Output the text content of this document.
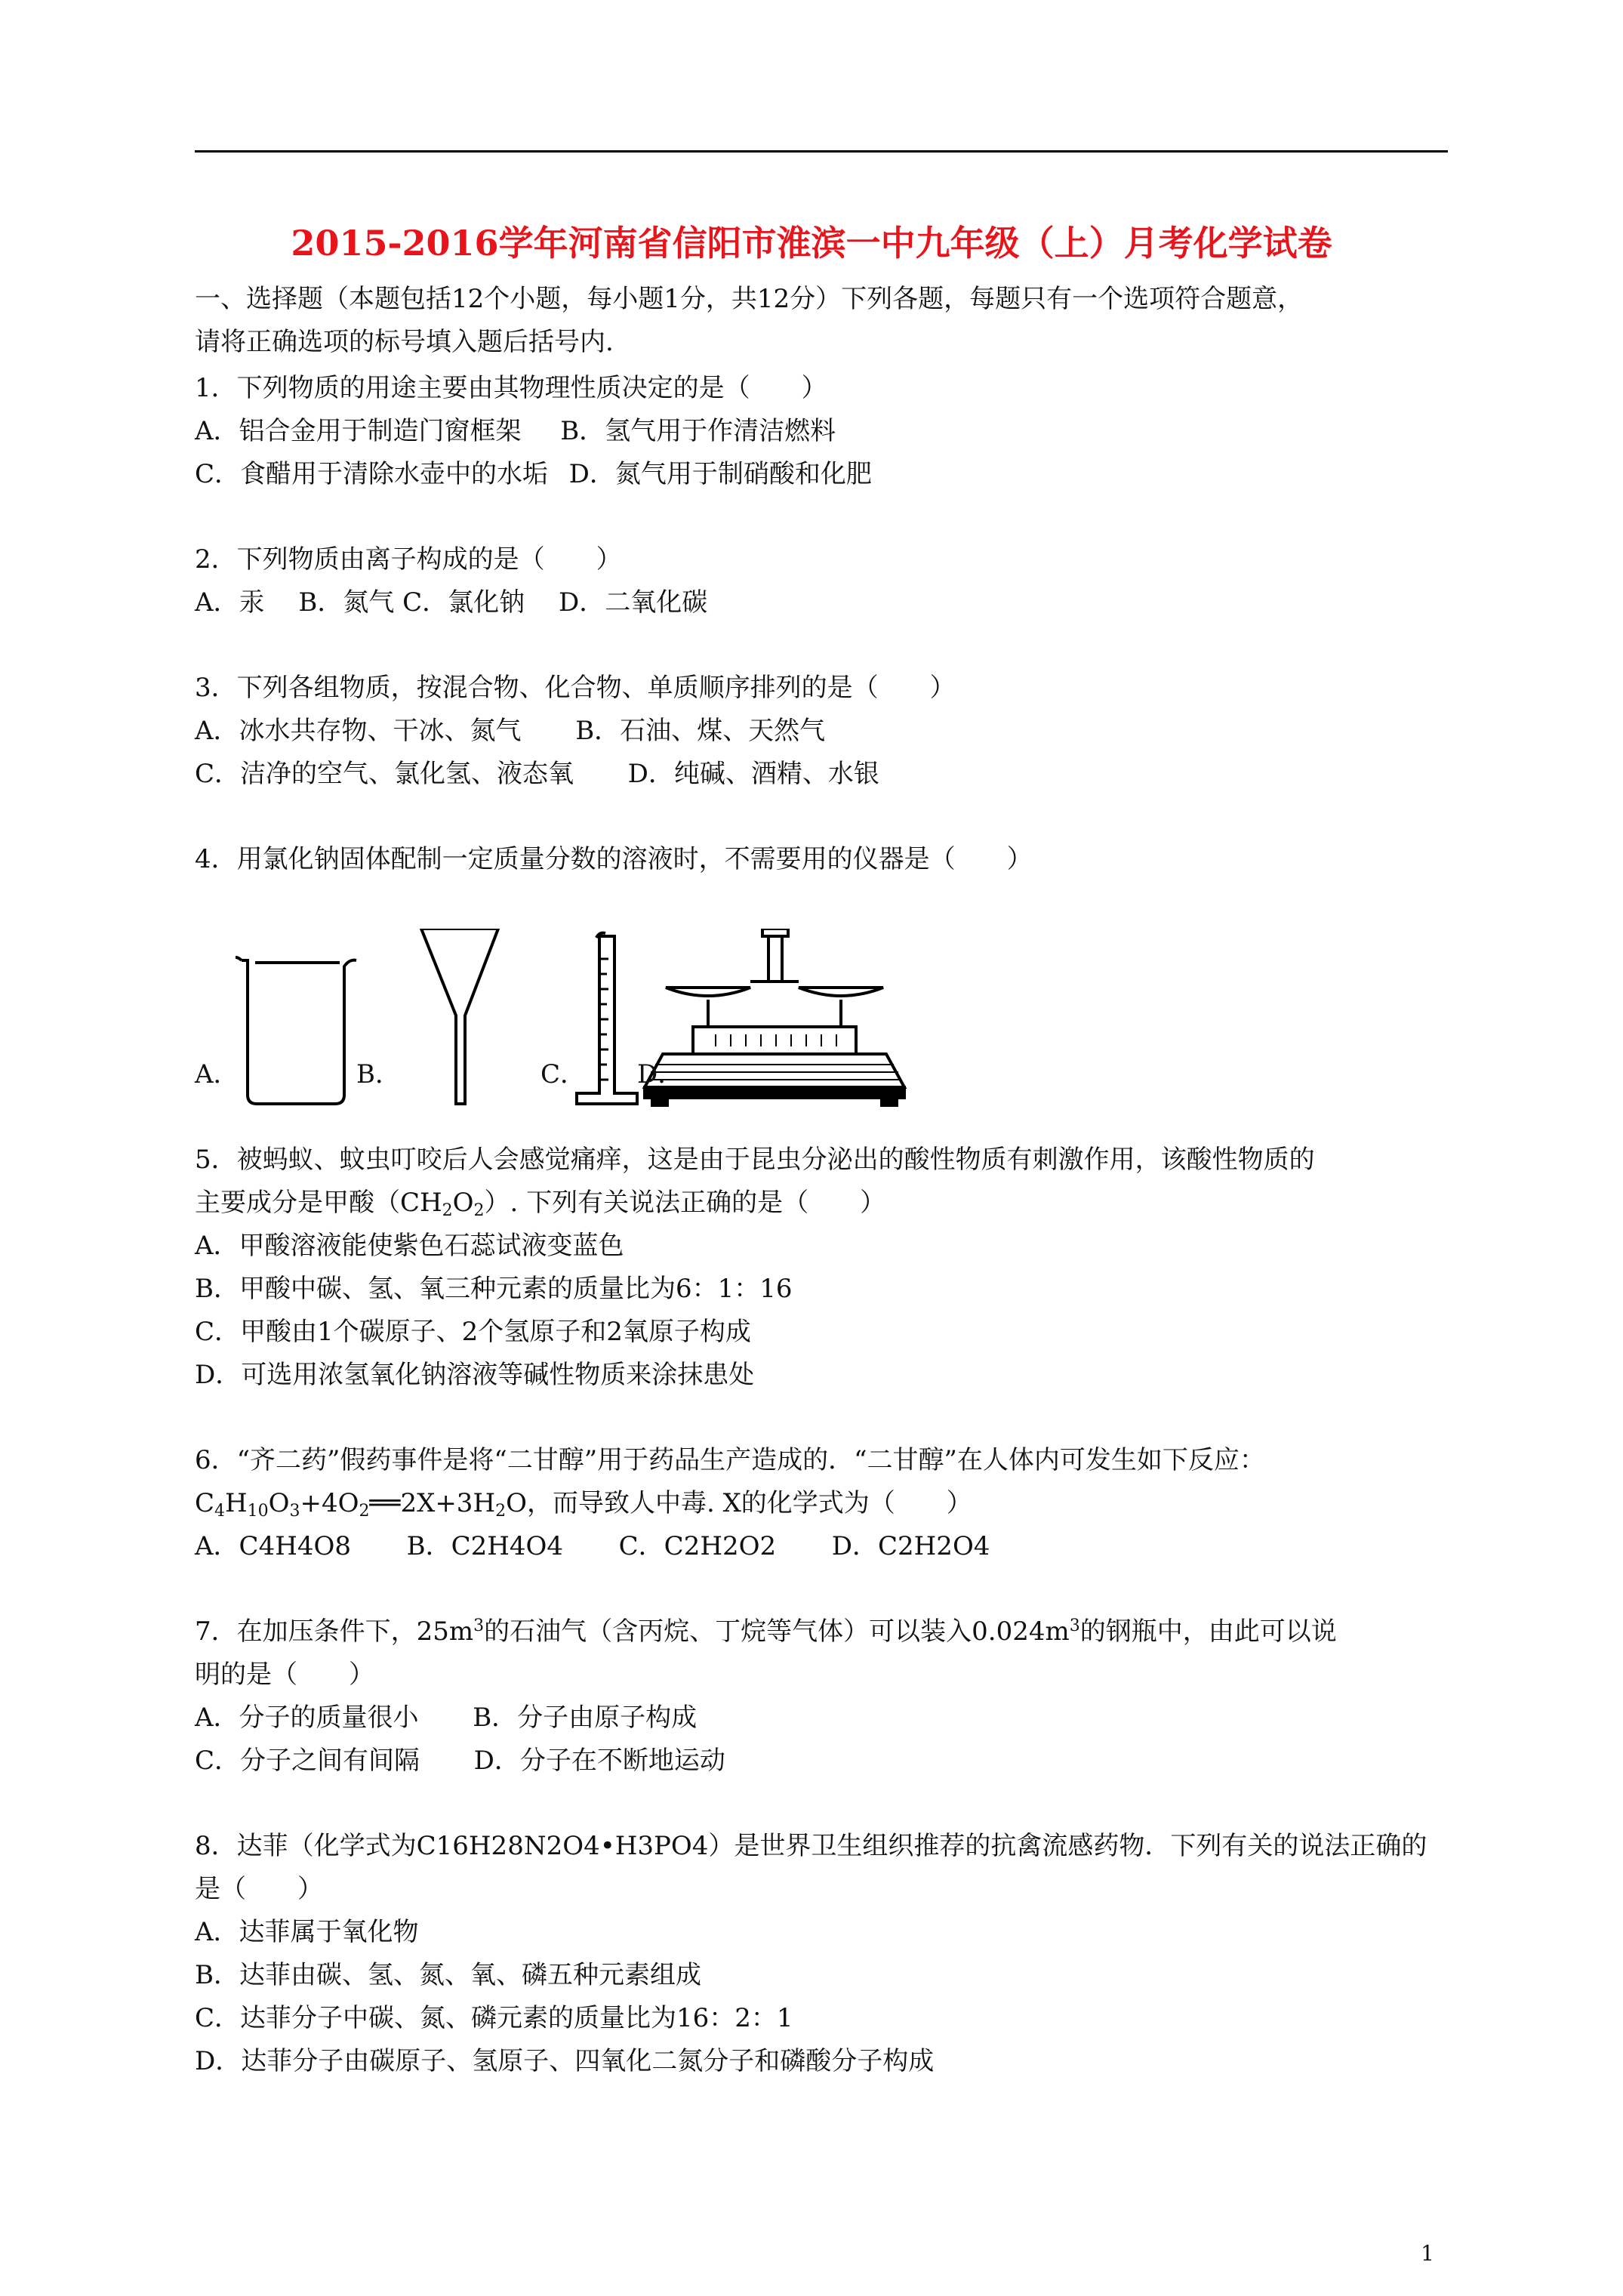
2015-2016学年河南省信阳市淮滨一中九年级（上）月考化学试卷
一、选择题（本题包括12个小题，每小题1分，共12分）下列各题，每题只有一个选项符合题意，
请将正确选项的标号填入题后括号内.
1．下列物质的用途主要由其物理性质决定的是（　　）
A．铝合金用于制造门窗框架 B．氢气用于作清洁燃料
C．食醋用于清除水壶中的水垢 D．氮气用于制硝酸和化肥
2．下列物质由离子构成的是（　　）
A．汞　 B．氮气 C．氯化钠　 D．二氧化碳
3．下列各组物质，按混合物、化合物、单质顺序排列的是（　　）
A．冰水共存物、干冰、氮气 B．石油、煤、天然气
C．洁净的空气、氯化氢、液态氧 D．纯碱、酒精、水银
4．用氯化钠固体配制一定质量分数的溶液时，不需要用的仪器是（　　）
A．	B．	C． D．
5．被蚂蚁、蚊虫叮咬后人会感觉痛痒，这是由于昆虫分泌出的酸性物质有刺激作用，该酸性物质的
主要成分是甲酸$(CH_2O_2)$. 下列有关说法正确的是（　　）
A．甲酸溶液能使紫色石蕊试液变蓝色
B．甲酸中碳、氢、氧三种元素的质量比为6：1：16
C．甲酸由1个碳原子、2个氢原子和2氧原子构成
D．可选用浓氢氧化钠溶液等碱性物质来涂抹患处
6．“齐二药”假药事件是将“二甘醇”用于药品生产造成的．“二甘醇”在人体内可发生如下反应：
$C_4H_{10}O_3+4O_2══2X+3H_2O$，而导致人中毒. X的化学式为（　　）
A．C4H4O8 B．C2H4O4 C．C2H2O2 D．C2H2O4
7．在加压条件下，$25m^3$的石油气（含丙烷、丁烷等气体）可以装入$0.024m^3$的钢瓶中，由此可以说
明的是（　　）
A．分子的质量很小 B．分子由原子构成
C．分子之间有间隔 D．分子在不断地运动
8．达菲（化学式为C16H28N2O4•H3PO4）是世界卫生组织推荐的抗禽流感药物．下列有关的说法正确的
是（　　）
A．达菲属于氧化物
B．达菲由碳、氢、氮、氧、磷五种元素组成
C．达菲分子中碳、氮、磷元素的质量比为16：2：1
D．达菲分子由碳原子、氢原子、四氧化二氮分子和磷酸分子构成
1
